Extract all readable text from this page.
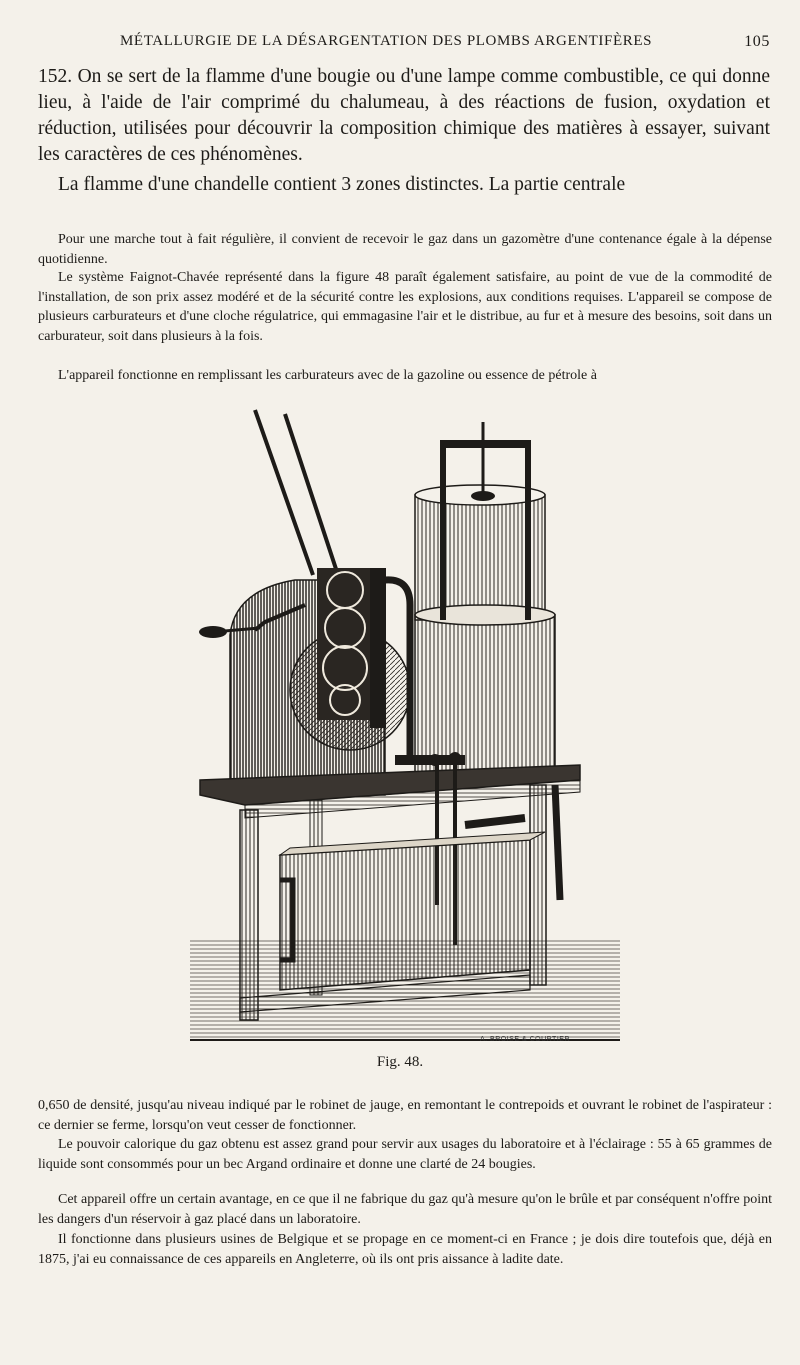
MÉTALLURGIE DE LA DÉSARGENTATION DES PLOMBS ARGENTIFÈRES	105

152. On se sert de la flamme d'une bougie ou d'une lampe comme combustible, ce qui donne lieu, à l'aide de l'air comprimé du chalumeau, à des réactions de fusion, oxydation et réduction, utilisées pour découvrir la composition chimique des matières à essayer, suivant les caractères de ces phénomènes.

La flamme d'une chandelle contient 3 zones distinctes. La partie centrale

Pour une marche tout à fait régulière, il convient de recevoir le gaz dans un gazomètre d'une contenance égale à la dépense quotidienne.

Le système Faignot-Chavée représenté dans la figure 48 paraît également satisfaire, au point de vue de la commodité de l'installation, de son prix assez modéré et de la sécurité contre les explosions, aux conditions requises. L'appareil se compose de plusieurs carburateurs et d'une cloche régulatrice, qui emmagasine l'air et le distribue, au fur et à mesure des besoins, soit dans un carburateur, soit dans plusieurs à la fois.

L'appareil fonctionne en remplissant les carburateurs avec de la gazoline ou essence de pétrole à

A. BROISE & COURTIER
Fig. 48.

0,650 de densité, jusqu'au niveau indiqué par le robinet de jauge, en remontant le contrepoids et ouvrant le robinet de l'aspirateur : ce dernier se ferme, lorsqu'on veut cesser de fonctionner.

Le pouvoir calorique du gaz obtenu est assez grand pour servir aux usages du laboratoire et à l'éclairage : 55 à 65 grammes de liquide sont consommés pour un bec Argand ordinaire et donne une clarté de 24 bougies.

Cet appareil offre un certain avantage, en ce que il ne fabrique du gaz qu'à mesure qu'on le brûle et par conséquent n'offre point les dangers d'un réservoir à gaz placé dans un laboratoire.

Il fonctionne dans plusieurs usines de Belgique et se propage en ce moment-ci en France ; je dois dire toutefois que, déjà en 1875, j'ai eu connaissance de ces appareils en Angleterre, où ils ont pris aissance à ladite date.
